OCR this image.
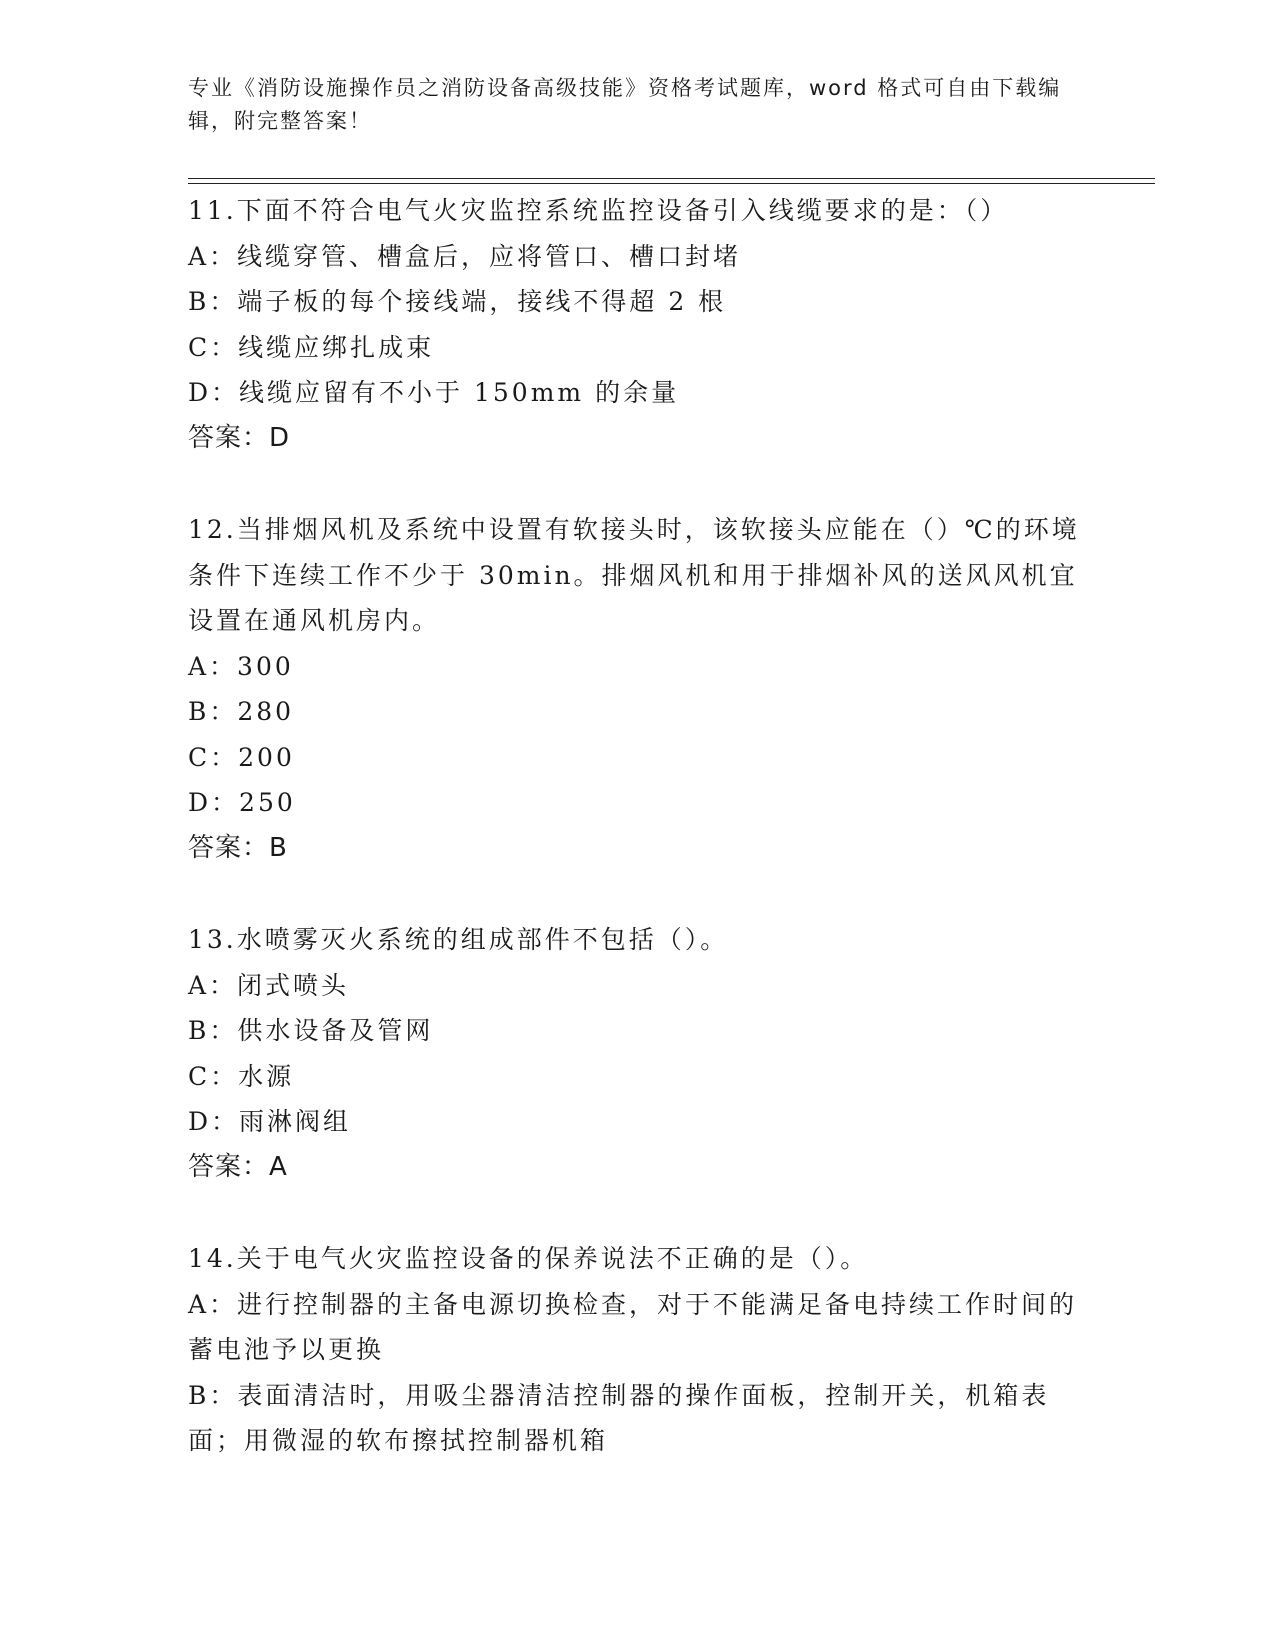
专业《消防设施操作员之消防设备高级技能》资格考试题库，word 格式可自由下载编辑，附完整答案！
11.下面不符合电气火灾监控系统监控设备引入线缆要求的是：（）
A：线缆穿管、槽盒后，应将管口、槽口封堵
B：端子板的每个接线端，接线不得超 2 根
C：线缆应绑扎成束
D：线缆应留有不小于 150mm 的余量
答案：D
12.当排烟风机及系统中设置有软接头时，该软接头应能在（）℃的环境条件下连续工作不少于 30min。排烟风机和用于排烟补风的送风风机宜设置在通风机房内。
A：300
B：280
C：200
D：250
答案：B
13.水喷雾灭火系统的组成部件不包括（）。
A：闭式喷头
B：供水设备及管网
C：水源
D：雨淋阀组
答案：A
14.关于电气火灾监控设备的保养说法不正确的是（）。
A：进行控制器的主备电源切换检查，对于不能满足备电持续工作时间的蓄电池予以更换
B：表面清洁时，用吸尘器清洁控制器的操作面板，控制开关，机箱表面；用微湿的软布擦拭控制器机箱
